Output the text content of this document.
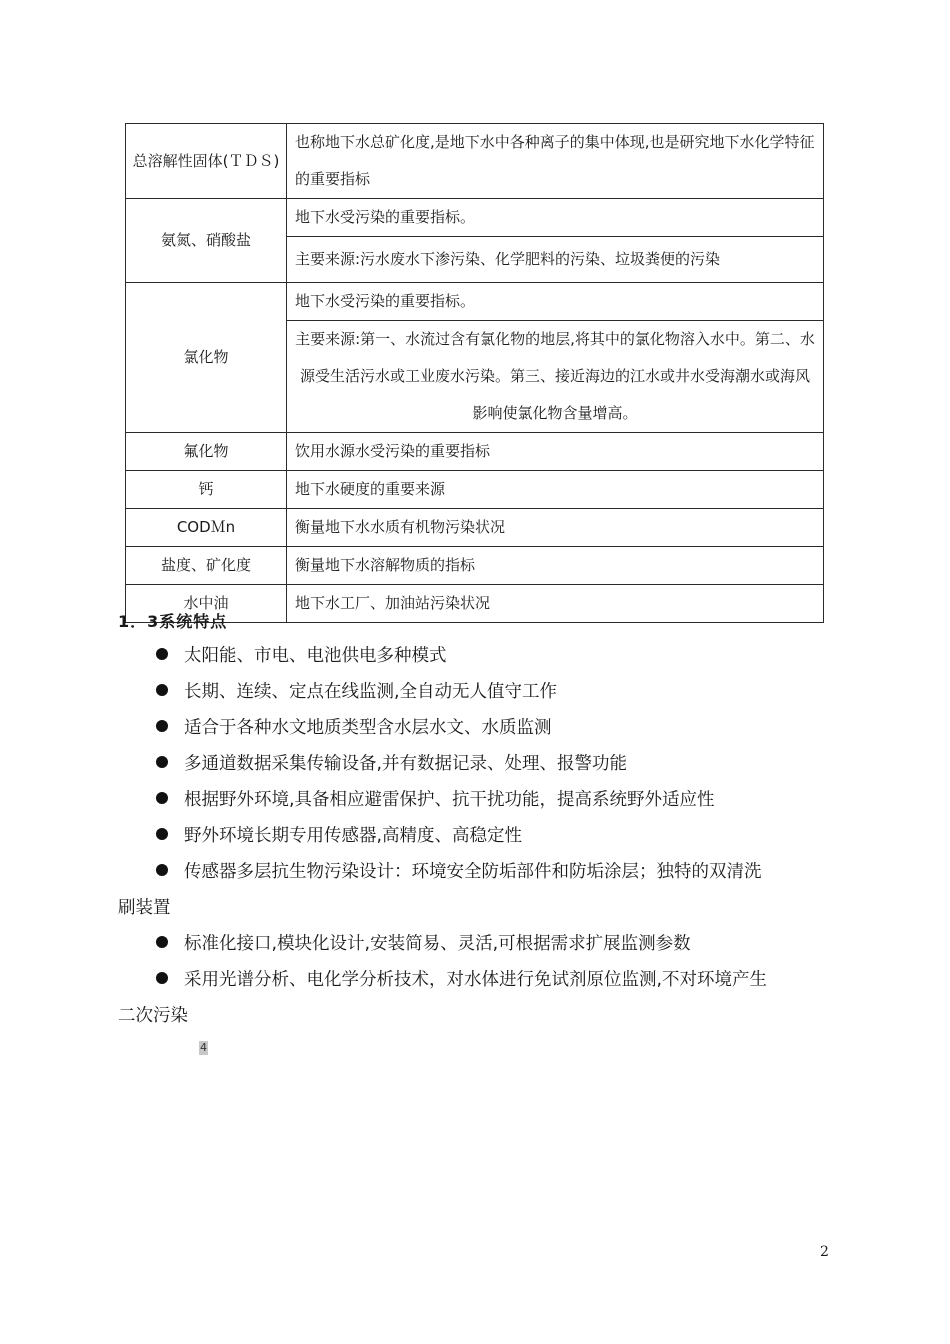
总溶解性固体(ＴＤＳ)	也称地下水总矿化度,是地下水中各种离子的集中体现,也是研究地下水化学特征的重要指标
氨氮、硝酸盐	地下水受污染的重要指标。
	主要来源:污水废水下渗污染、化学肥料的污染、垃圾粪便的污染
氯化物	地下水受污染的重要指标。
	主要来源:第一、水流过含有氯化物的地层,将其中的氯化物溶入水中。第二、水源受生活污水或工业废水污染。第三、接近海边的江水或井水受海潮水或海风影响使氯化物含量增高。
氟化物	饮用水源水受污染的重要指标
钙	地下水硬度的重要来源
CODＭn	衡量地下水水质有机物污染状况
盐度、矿化度	衡量地下水溶解物质的指标
水中油	地下水工厂、加油站污染状况
1．3系统特点
太阳能、市电、电池供电多种模式
长期、连续、定点在线监测,全自动无人值守工作
适合于各种水文地质类型含水层水文、水质监测
多通道数据采集传输设备,并有数据记录、处理、报警功能
根据野外环境,具备相应避雷保护、抗干扰功能，提高系统野外适应性
野外环境长期专用传感器,高精度、高稳定性
传感器多层抗生物污染设计：环境安全防垢部件和防垢涂层；独特的双清洗
刷装置
标准化接口,模块化设计,安装简易、灵活,可根据需求扩展监测参数
采用光谱分析、电化学分析技术，对水体进行免试剂原位监测,不对环境产生
二次污染
4
2
